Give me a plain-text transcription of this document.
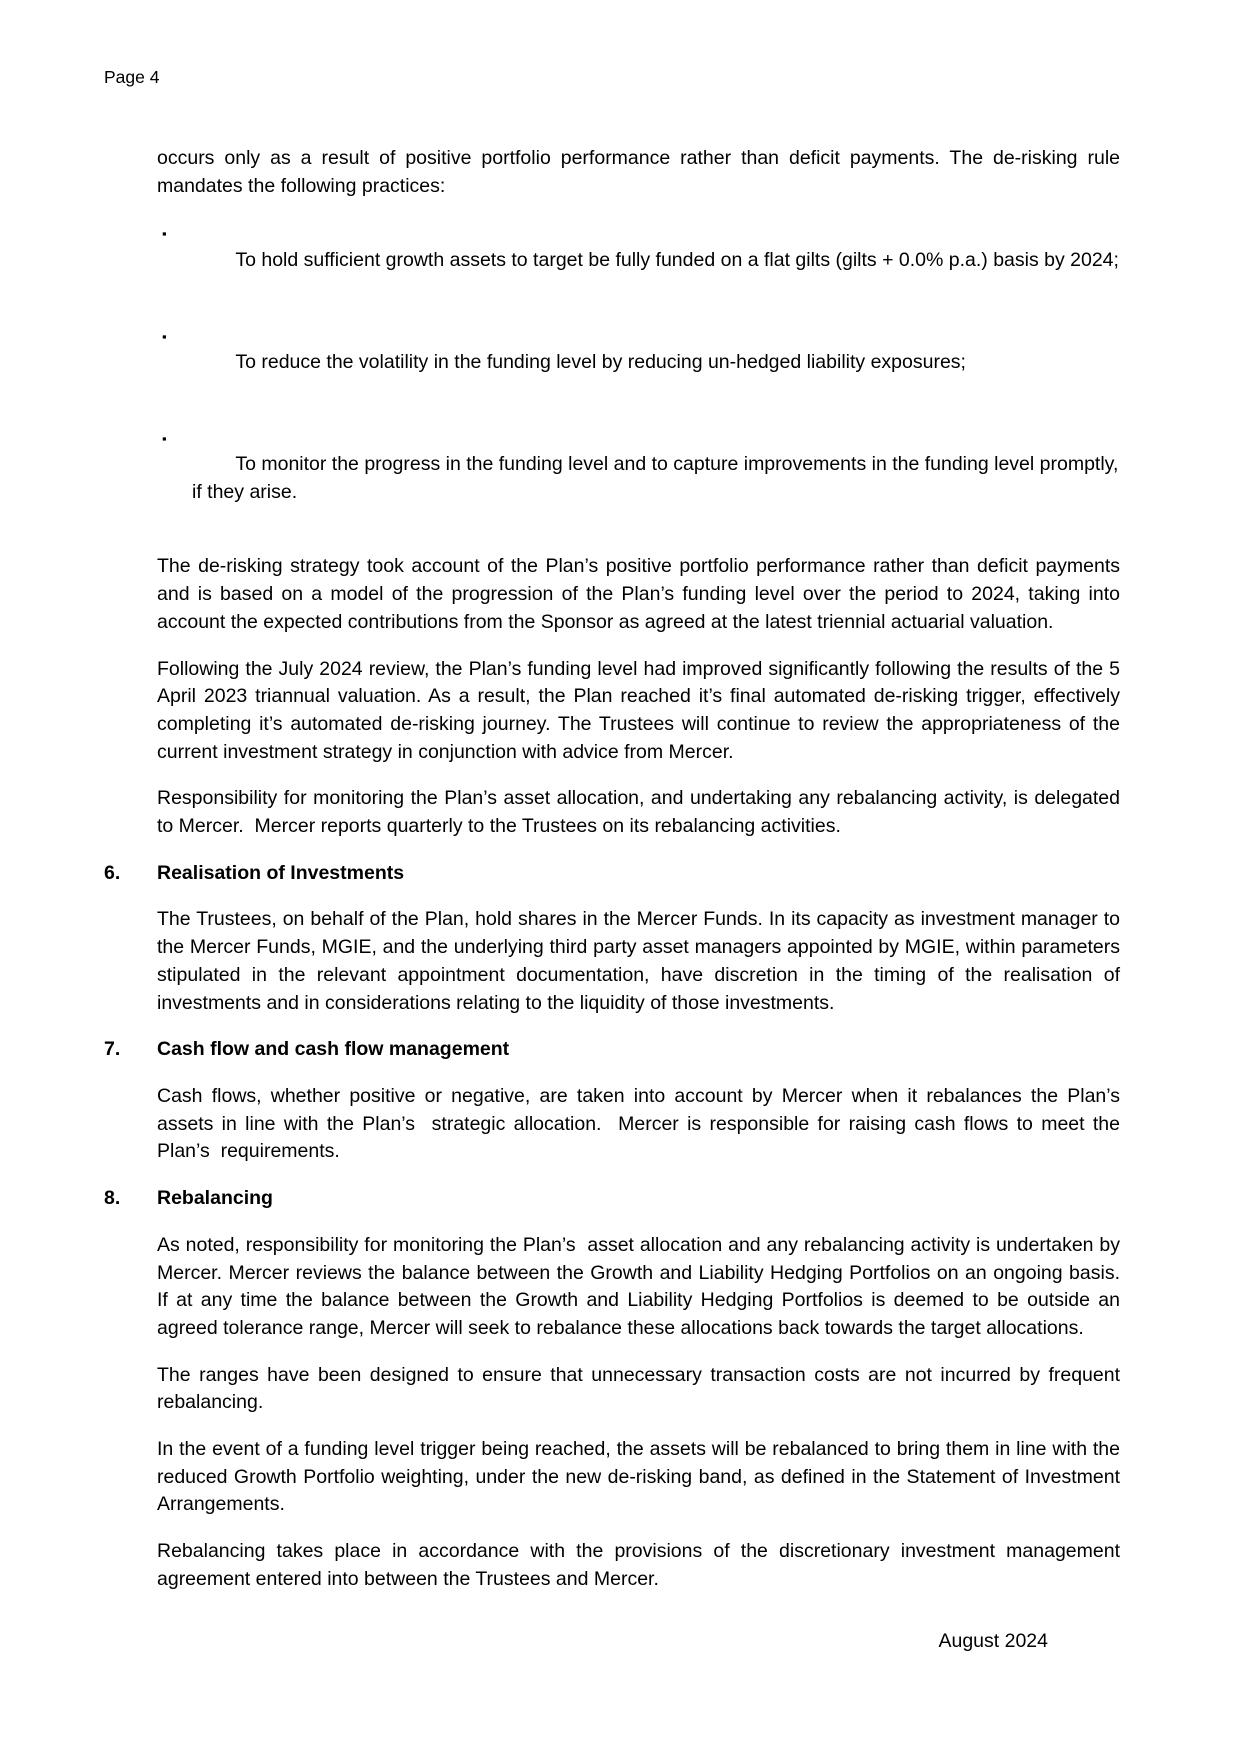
Page 4

occurs only as a result of positive portfolio performance rather than deficit payments. The de-risking rule mandates the following practices:

▪
To hold sufficient growth assets to target be fully funded on a flat gilts (gilts + 0.0% p.a.) basis by 2024;

▪
To reduce the volatility in the funding level by reducing un-hedged liability exposures;

▪
To monitor the progress in the funding level and to capture improvements in the funding level promptly, if they arise.

The de-risking strategy took account of the Plan’s positive portfolio performance rather than deficit payments and is based on a model of the progression of the Plan’s funding level over the period to 2024, taking into account the expected contributions from the Sponsor as agreed at the latest triennial actuarial valuation.

Following the July 2024 review, the Plan’s funding level had improved significantly following the results of the 5 April 2023 triannual valuation. As a result, the Plan reached it’s final automated de-risking trigger, effectively completing it’s automated de-risking journey. The Trustees will continue to review the appropriateness of the current investment strategy in conjunction with advice from Mercer.

Responsibility for monitoring the Plan’s asset allocation, and undertaking any rebalancing activity, is delegated to Mercer.  Mercer reports quarterly to the Trustees on its rebalancing activities.

6. Realisation of Investments

The Trustees, on behalf of the Plan, hold shares in the Mercer Funds. In its capacity as investment manager to the Mercer Funds, MGIE, and the underlying third party asset managers appointed by MGIE, within parameters stipulated in the relevant appointment documentation, have discretion in the timing of the realisation of investments and in considerations relating to the liquidity of those investments.

7. Cash flow and cash flow management

Cash flows, whether positive or negative, are taken into account by Mercer when it rebalances the Plan’s  assets in line with the Plan’s  strategic allocation.  Mercer is responsible for raising cash flows to meet the Plan’s  requirements.

8. Rebalancing

As noted, responsibility for monitoring the Plan’s  asset allocation and any rebalancing activity is undertaken by Mercer. Mercer reviews the balance between the Growth and Liability Hedging Portfolios on an ongoing basis. If at any time the balance between the Growth and Liability Hedging Portfolios is deemed to be outside an agreed tolerance range, Mercer will seek to rebalance these allocations back towards the target allocations.

The ranges have been designed to ensure that unnecessary transaction costs are not incurred by frequent rebalancing.

In the event of a funding level trigger being reached, the assets will be rebalanced to bring them in line with the reduced Growth Portfolio weighting, under the new de-risking band, as defined in the Statement of Investment Arrangements.

Rebalancing takes place in accordance with the provisions of the discretionary investment management agreement entered into between the Trustees and Mercer.

August 2024
